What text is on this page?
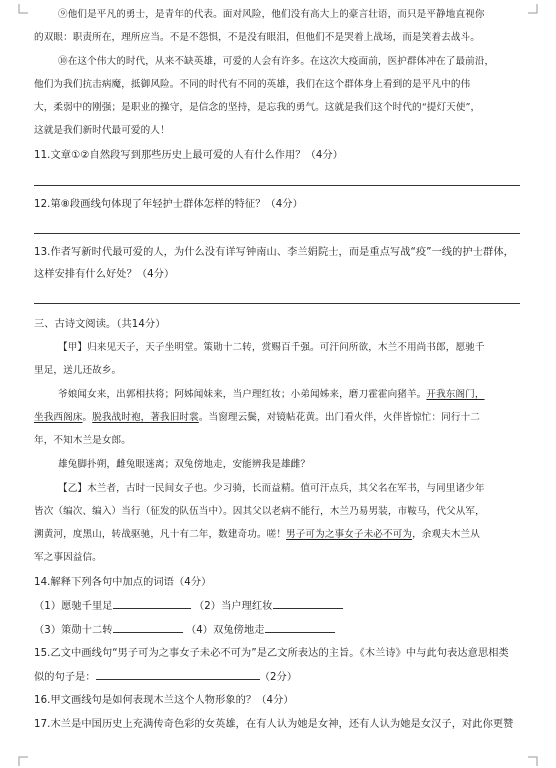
⑨他们是平凡的勇士，是青年的代表。面对风险，他们没有高大上的豪言壮语，而只是平静地直视你
的双眼：职责所在，理所应当。不是不怨惧，不是没有眼泪，但他们不是哭着上战场，而是笑着去战斗。
⑩在这个伟大的时代，从来不缺英雄，可爱的人会有许多。在这次大疫面前，医护群体冲在了最前沿，
他们为我们抗击病魔，抵御风险。不同的时代有不同的英雄，我们在这个群体身上看到的是平凡中的伟
大，柔弱中的刚强；是职业的操守，是信念的坚持，是忘我的勇气。这就是我们这个时代的“提灯天使”，
这就是我们新时代最可爱的人！
11.文章①②自然段写到那些历史上最可爱的人有什么作用？（4分）
12.第⑧段画线句体现了年轻护士群体怎样的特征？（4分）
13.作者写新时代最可爱的人，为什么没有详写钟南山、李兰娟院士，而是重点写战“疫”一线的护士群体，
这样安排有什么好处？（4分）
三、古诗文阅读。（共14分）
【甲】归来见天子，天子坐明堂。策勋十二转，赏赐百千强。可汗问所欲，木兰不用尚书郎，愿驰千
里足，送儿还故乡。
爷娘闻女来，出郭相扶将；阿姊闻妹来，当户理红妆；小弟闻姊来，磨刀霍霍向猪羊。开我东阁门，
坐我西阁床。脱我战时袍，著我旧时裳。当窗理云鬓，对镜帖花黄。出门看火伴，火伴皆惊忙：同行十二
年，不知木兰是女郎。
雄兔脚扑朔，雌兔眼迷离；双兔傍地走，安能辨我是雄雌？
【乙】木兰者，古时一民间女子也。少习骑，长而益精。值可汗点兵，其父名在军书，与同里诸少年
皆次（编次、编入）当行（征发的队伍当中）。因其父以老病不能行，木兰乃易男装，市鞍马，代父从军，
溯黄河，度黑山，转战驱驰，凡十有二年，数建奇功。嗟！男子可为之事女子未必不可为，余观夫木兰从
军之事因益信。
14.解释下列各句中加点的词语（4分）
（1）愿驰千里足	（2）当户理红妆
（3）策勋十二转	（4）双兔傍地走
15.乙文中画线句“男子可为之事女子未必不可为”是乙文所表达的主旨。《木兰诗》中与此句表达意思相类
似的句子是：	（2分）
16.甲文画线句是如何表现木兰这个人物形象的？（4分）
17.木兰是中国历史上充满传奇色彩的女英雄，在有人认为她是女神，还有人认为她是女汉子，对此你更赞
